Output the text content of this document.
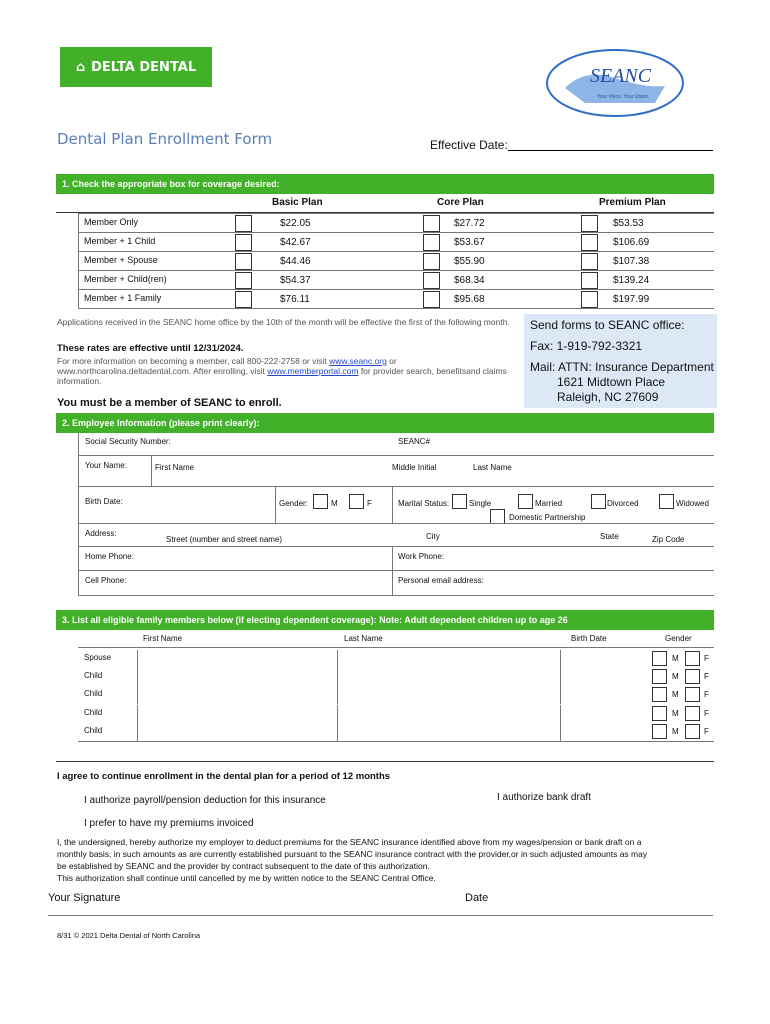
⌂ DELTA DENTAL	SEANC
Your Voice. Your Union.
Dental Plan Enrollment Form	Effective Date:
1. Check the appropriate box for coverage desired:
Basic Plan	Core Plan	Premium Plan
Member Only	$22.05	$27.72	$53.53
Member + 1 Child	$42.67	$53.67	$106.69
Member + Spouse	$44.46	$55.90	$107.38
Member + Child(ren)	$54.37	$68.34	$139.24
Member + 1 Family	$76.11	$95.68	$197.99
Applications received in the SEANC home office by the 10th of the month will be effective the first of the following month.
These rates are effective until 12/31/2024.
For more information on becoming a member, call 800-222-2758 or visit www.seanc.org or www.northcarolina.deltadental.com. After enrolling, visit www.memberportal.com for provider search, benefitsand claims information.
You must be a member of SEANC to enroll.
Send forms to SEANC office:
Fax: 1-919-792-3321
Mail: ATTN: Insurance Department
1621 Midtown Place
Raleigh, NC 27609
2. Employee Information (please print clearly):
Social Security Number:	SEANC#
Your Name:	First Name	Middle Initial	Last Name
Birth Date:	Gender:	M	F	Marital Status: Single	Married	Divorced	Widowed
Domestic Partnership
Address:
Street (number and street name)	City	State	Zip Code
Home Phone:	Work Phone:
Cell Phone:	Personal email address:
3. List all eligible family members below (if electing dependent coverage): Note: Adult dependent children up to age 26
First Name	Last Name	Birth Date	Gender
Spouse	M	F
Child	M	F
Child	M	F
Child	M	F
Child	M	F
I agree to continue enrollment in the dental plan for a period of 12 months
I authorize payroll/pension deduction for this insurance	I authorize bank draft
I prefer to have my premiums invoiced
I, the undersigned, hereby authorize my employer to deduct premiums for the SEANC insurance identified above from my wages/pension or bank draft on a
monthly basis, in such amounts as are currently established pursuant to the SEANC insurance contract with the provider,or in such adjusted amounts as may
be established by SEANC and the provider by contract subsequent to the date of this authorization.
This authorization shall continue until cancelled by me by written notice to the SEANC Central Office.
Your Signature	Date
8/31 © 2021 Delta Dental of North Carolina
